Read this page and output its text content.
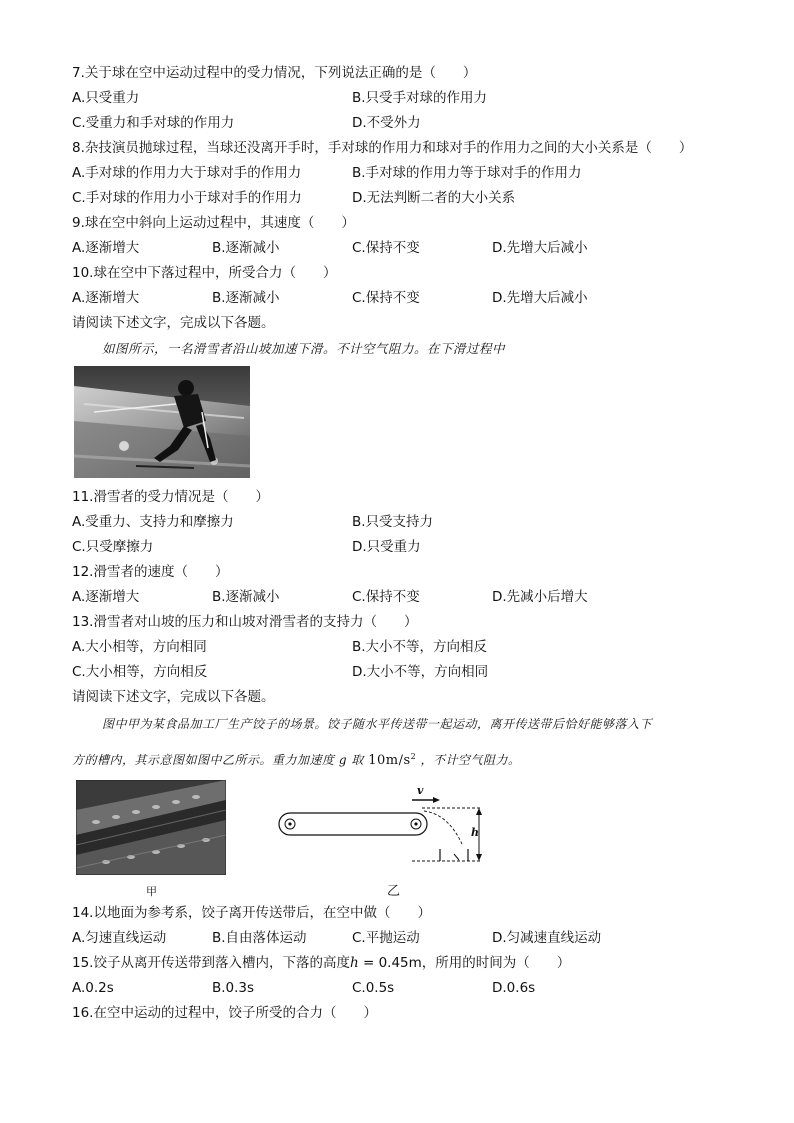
7.关于球在空中运动过程中的受力情况，下列说法正确的是（　　）
A.只受重力	B.只受手对球的作用力
C.受重力和手对球的作用力	D.不受外力
8.杂技演员抛球过程，当球还没离开手时，手对球的作用力和球对手的作用力之间的大小关系是（　　）
A.手对球的作用力大于球对手的作用力	B.手对球的作用力等于球对手的作用力
C.手对球的作用力小于球对手的作用力	D.无法判断二者的大小关系
9.球在空中斜向上运动过程中，其速度（　　）
A.逐渐增大	B.逐渐减小	C.保持不变	D.先增大后减小
10.球在空中下落过程中，所受合力（　　）
A.逐渐增大	B.逐渐减小	C.保持不变	D.先增大后减小
请阅读下述文字，完成以下各题。
如图所示，一名滑雪者沿山坡加速下滑。不计空气阻力。在下滑过程中
11.滑雪者的受力情况是（　　）
A.受重力、支持力和摩擦力	B.只受支持力
C.只受摩擦力	D.只受重力
12.滑雪者的速度（　　）
A.逐渐增大	B.逐渐减小	C.保持不变	D.先减小后增大
13.滑雪者对山坡的压力和山坡对滑雪者的支持力（　　）
A.大小相等，方向相同	B.大小不等，方向相反
C.大小相等，方向相反	D.大小不等，方向相同
请阅读下述文字，完成以下各题。
图中甲为某食品加工厂生产饺子的场景。饺子随水平传送带一起运动，离开传送带后恰好能够落入下
方的槽内，其示意图如图中乙所示。重力加速度 g 取 $10m/s^2$ ，不计空气阻力。
甲
v
h
乙
14.以地面为参考系，饺子离开传送带后，在空中做（　　）
A.匀速直线运动	B.自由落体运动	C.平抛运动	D.匀减速直线运动
15.饺子从离开传送带到落入槽内，下落的高度h = 0.45m，所用的时间为（　　）
A.0.2s	B.0.3s	C.0.5s	D.0.6s
16.在空中运动的过程中，饺子所受的合力（　　）
